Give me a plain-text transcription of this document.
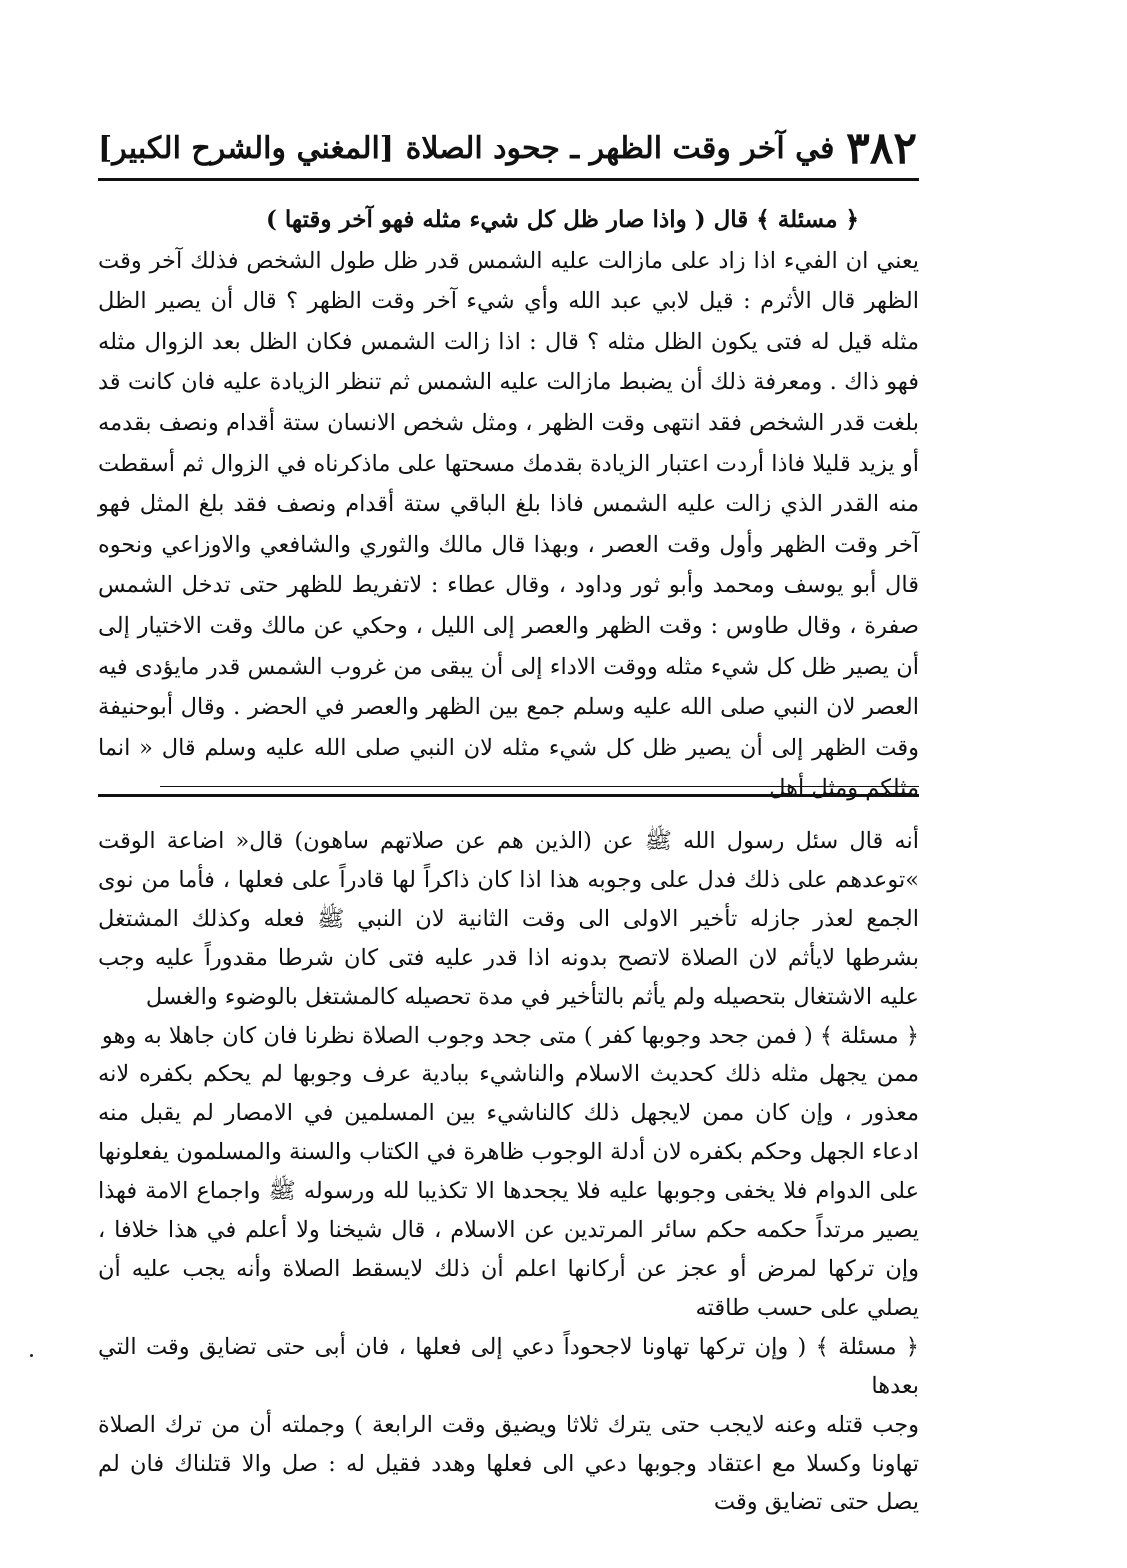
٣٨٢
في آخر وقت الظهر ـ جحود الصلاة
[المغني والشرح الكبير]

﴿ مسئلة ﴾ قال ( واذا صار ظل كل شيء مثله فهو آخر وقتها )

يعني ان الفيء اذا زاد على مازالت عليه الشمس قدر ظل طول الشخص فذلك آخر وقت الظهر قال الأثرم : قيل لابي عبد الله وأي شيء آخر وقت الظهر ؟ قال أن يصير الظل مثله قيل له فتى يكون الظل مثله ؟ قال : اذا زالت الشمس فكان الظل بعد الزوال مثله فهو ذاك . ومعرفة ذلك أن يضبط مازالت عليه الشمس ثم تنظر الزيادة عليه فان كانت قد بلغت قدر الشخص فقد انتهى وقت الظهر ، ومثل شخص الانسان ستة أقدام ونصف بقدمه أو يزيد قليلا فاذا أردت اعتبار الزيادة بقدمك مسحتها على ماذكرناه في الزوال ثم أسقطت منه القدر الذي زالت عليه الشمس فاذا بلغ الباقي ستة أقدام ونصف فقد بلغ المثل فهو آخر وقت الظهر وأول وقت العصر ، وبهذا قال مالك والثوري والشافعي والاوزاعي ونحوه قال أبو يوسف ومحمد وأبو ثور وداود ، وقال عطاء : لاتفريط للظهر حتى تدخل الشمس صفرة ، وقال طاوس : وقت الظهر والعصر إلى الليل ، وحكي عن مالك وقت الاختيار إلى أن يصير ظل كل شيء مثله ووقت الاداء إلى أن يبقى من غروب الشمس قدر مايؤدى فيه العصر لان النبي صلى الله عليه وسلم جمع بين الظهر والعصر في الحضر . وقال أبوحنيفة وقت الظهر إلى أن يصير ظل كل شيء مثله لان النبي صلى الله عليه وسلم قال « انما مثلكم ومثل أهل

أنه قال سئل رسول الله ﷺ عن (الذين هم عن صلاتهم ساهون) قال« اضاعة الوقت »توعدهم على ذلك فدل على وجوبه هذا اذا كان ذاكراً لها قادراً على فعلها ، فأما من نوى الجمع لعذر جازله تأخير الاولى الى وقت الثانية لان النبي ﷺ فعله وكذلك المشتغل بشرطها لايأثم لان الصلاة لاتصح بدونه اذا قدر عليه فتى كان شرطا مقدوراً عليه وجب عليه الاشتغال بتحصيله ولم يأثم بالتأخير في مدة تحصيله كالمشتغل بالوضوء والغسل

﴿ مسئلة ﴾ ( فمن جحد وجوبها كفر ) متى جحد وجوب الصلاة نظرنا فان كان جاهلا به وهو

ممن يجهل مثله ذلك كحديث الاسلام والناشيء ببادية عرف وجوبها لم يحكم بكفره لانه معذور ، وإن كان ممن لايجهل ذلك كالناشيء بين المسلمين في الامصار لم يقبل منه ادعاء الجهل وحكم بكفره لان أدلة الوجوب ظاهرة في الكتاب والسنة والمسلمون يفعلونها على الدوام فلا يخفى وجوبها عليه فلا يجحدها الا تكذيبا لله ورسوله ﷺ واجماع الامة فهذا يصير مرتداً حكمه حكم سائر المرتدين عن الاسلام ، قال شيخنا ولا أعلم في هذا خلافا ، وإن تركها لمرض أو عجز عن أركانها اعلم أن ذلك لايسقط الصلاة وأنه يجب عليه أن يصلي على حسب طاقته

﴿ مسئلة ﴾ ( وإن تركها تهاونا لاجحوداً دعي إلى فعلها ، فان أبى حتى تضايق وقت التي بعدها

وجب قتله وعنه لايجب حتى يترك ثلاثا ويضيق وقت الرابعة ) وجملته أن من ترك الصلاة تهاونا وكسلا مع اعتقاد وجوبها دعي الى فعلها وهدد فقيل له : صل والا قتلناك فان لم يصل حتى تضايق وقت
